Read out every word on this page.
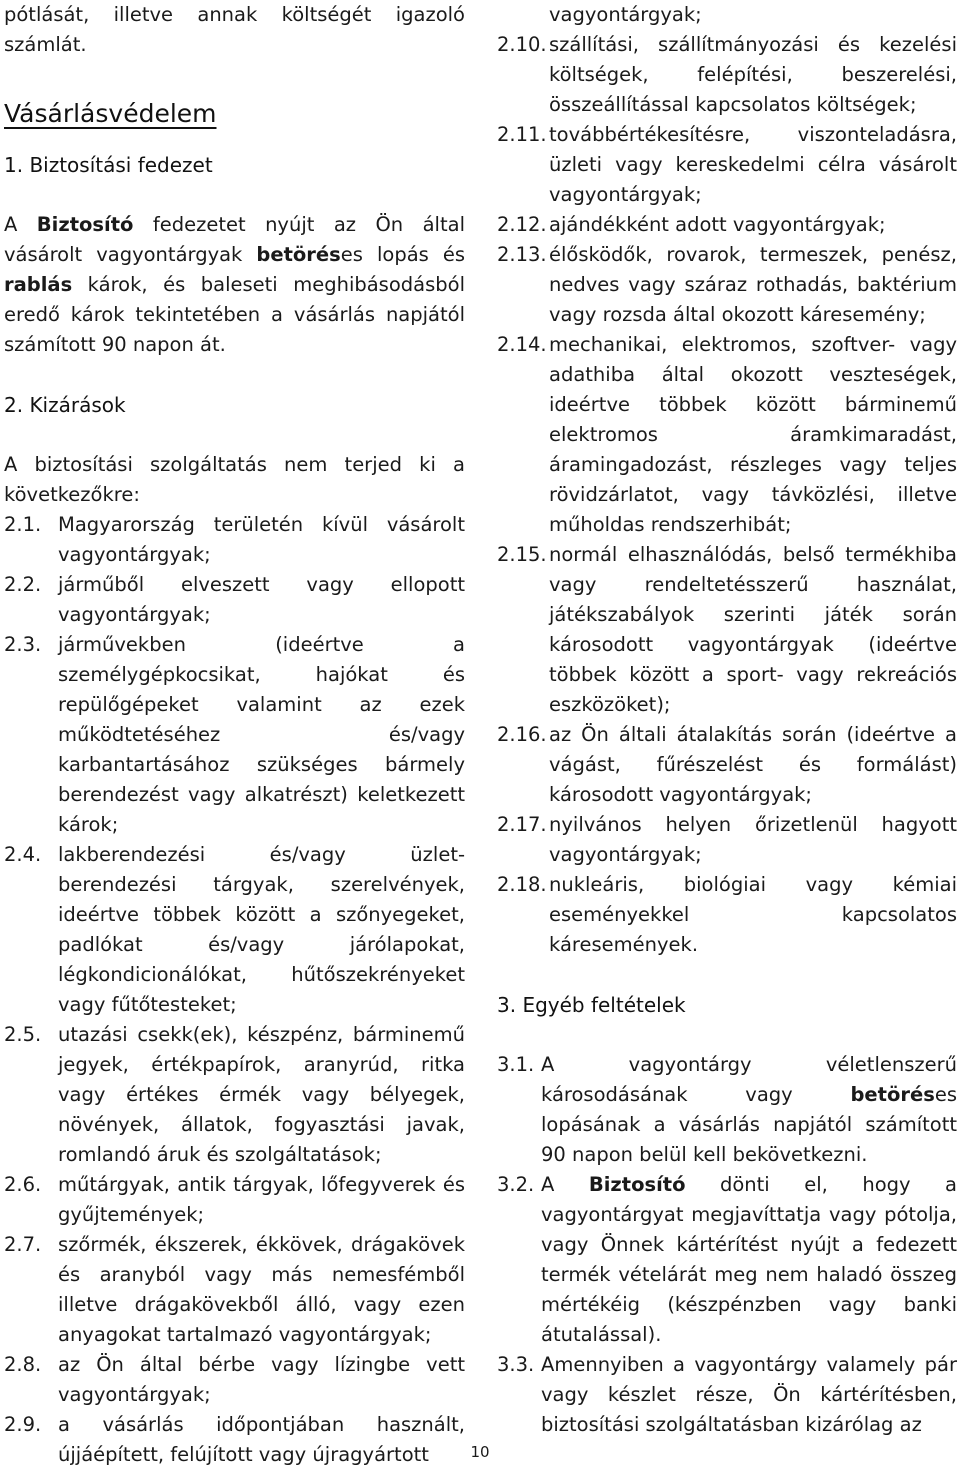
pótlását, illetve annak költségét igazoló számlát.

Vásárlásvédelem
1. Biztosítási fedezet

A Biztosító fedezetet nyújt az Ön által vásárolt vagyontárgyak betöréses lopás és rablás károk, és baleseti meghibásodásból eredő károk tekintetében a vásárlás napjától számított 90 napon át.

2. Kizárások

A biztosítási szolgáltatás nem terjed ki a következőkre:

2.1. Magyarország területén kívül vásárolt vagyontárgyak;
2.2. járműből elveszett vagy ellopott vagyontárgyak;
2.3. járművekben (ideértve a személygépkocsikat, hajókat és repülőgépeket valamint az ezek működtetéséhez és/vagy karbantartásához szükséges bármely berendezést vagy alkatrészt) keletkezett károk;
2.4. lakberendezési és/vagy üzlet-berendezési tárgyak, szerelvények, ideértve többek között a szőnyegeket, padlókat és/vagy járólapokat, légkondicionálókat, hűtőszekrényeket vagy fűtőtesteket;
2.5. utazási csekk(ek), készpénz, bárminemű jegyek, értékpapírok, aranyrúd, ritka vagy értékes érmék vagy bélyegek, növények, állatok, fogyasztási javak, romlandó áruk és szolgáltatások;
2.6. műtárgyak, antik tárgyak, lőfegyverek és gyűjtemények;
2.7. szőrmék, ékszerek, ékkövek, drágakövek és aranyból vagy más nemesfémből illetve drágakövekből álló, vagy ezen anyagokat tartalmazó vagyontárgyak;
2.8. az Ön által bérbe vagy lízingbe vett vagyontárgyak;
2.9. a vásárlás időpontjában használt, újjáépített, felújított vagy újragyártott
vagyontárgyak;
2.10. szállítási, szállítmányozási és kezelési költségek, felépítési, beszerelési, összeállítással kapcsolatos költségek;
2.11. továbbértékesítésre, viszonteladásra, üzleti vagy kereskedelmi célra vásárolt vagyontárgyak;
2.12. ajándékként adott vagyontárgyak;
2.13. élősködők, rovarok, termeszek, penész, nedves vagy száraz rothadás, baktérium vagy rozsda által okozott káresemény;
2.14. mechanikai, elektromos, szoftver- vagy adathiba által okozott veszteségek, ideértve többek között bárminemű elektromos áramkimaradást, áramingadozást, részleges vagy teljes rövidzárlatot, vagy távközlési, illetve műholdas rendszerhibát;
2.15. normál elhasználódás, belső termékhiba vagy rendeltetésszerű használat, játékszabályok szerinti játék során károsodott vagyontárgyak (ideértve többek között a sport- vagy rekreációs eszközöket);
2.16. az Ön általi átalakítás során (ideértve a vágást, fűrészelést és formálást) károsodott vagyontárgyak;
2.17. nyilvános helyen őrizetlenül hagyott vagyontárgyak;
2.18. nukleáris, biológiai vagy kémiai eseményekkel kapcsolatos káresemények.
3. Egyéb feltételek
3.1. A vagyontárgy véletlenszerű károsodásának vagy betöréses lopásának a vásárlás napjától számított 90 napon belül kell bekövetkezni.
3.2. A Biztosító dönti el, hogy a vagyontárgyat megjavíttatja vagy pótolja, vagy Önnek kártérítést nyújt a fedezett termék vételárát meg nem haladó összeg mértékéig (készpénzben vagy banki átutalással).
3.3. Amennyiben a vagyontárgy valamely pár vagy készlet része, Ön kártérítésben, biztosítási szolgáltatásban kizárólag az
10
